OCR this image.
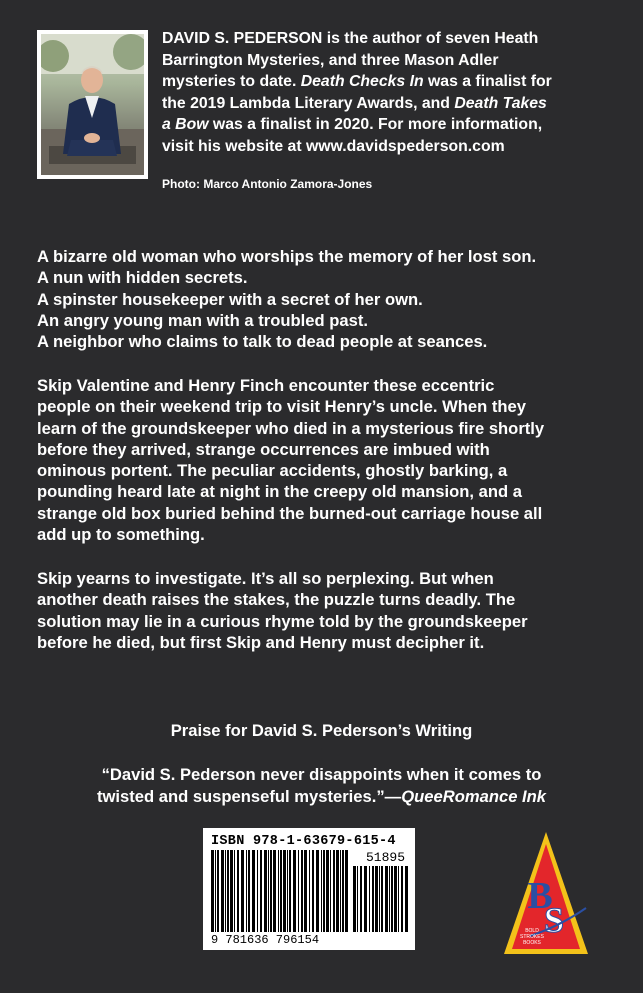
DAVID S. PEDERSON is the author of seven Heath
Barrington Mysteries, and three Mason Adler
mysteries to date. Death Checks In was a finalist for
the 2019 Lambda Literary Awards, and Death Takes
a Bow was a finalist in 2020. For more information,
visit his website at www.davidspederson.com

Photo: Marco Antonio Zamora-Jones

A bizarre old woman who worships the memory of her lost son.
A nun with hidden secrets.
A spinster housekeeper with a secret of her own.
An angry young man with a troubled past.
A neighbor who claims to talk to dead people at seances.

Skip Valentine and Henry Finch encounter these eccentric
people on their weekend trip to visit Henry’s uncle. When they
learn of the groundskeeper who died in a mysterious fire shortly
before they arrived, strange occurrences are imbued with
ominous portent. The peculiar accidents, ghostly barking, a
pounding heard late at night in the creepy old mansion, and a
strange old box buried behind the burned-out carriage house all
add up to something.

Skip yearns to investigate. It’s all so perplexing. But when
another death raises the stakes, the puzzle turns deadly. The
solution may lie in a curious rhyme told by the groundskeeper
before he died, but first Skip and Henry must decipher it.

Praise for David S. Pederson’s Writing

“David S. Pederson never disappoints when it comes to
twisted and suspenseful mysteries.”—QueeRomance Ink

ISBN 978-1-63679-615-4
51895
9 781636 796154
B
S
BOLD
STROKES
BOOKS
